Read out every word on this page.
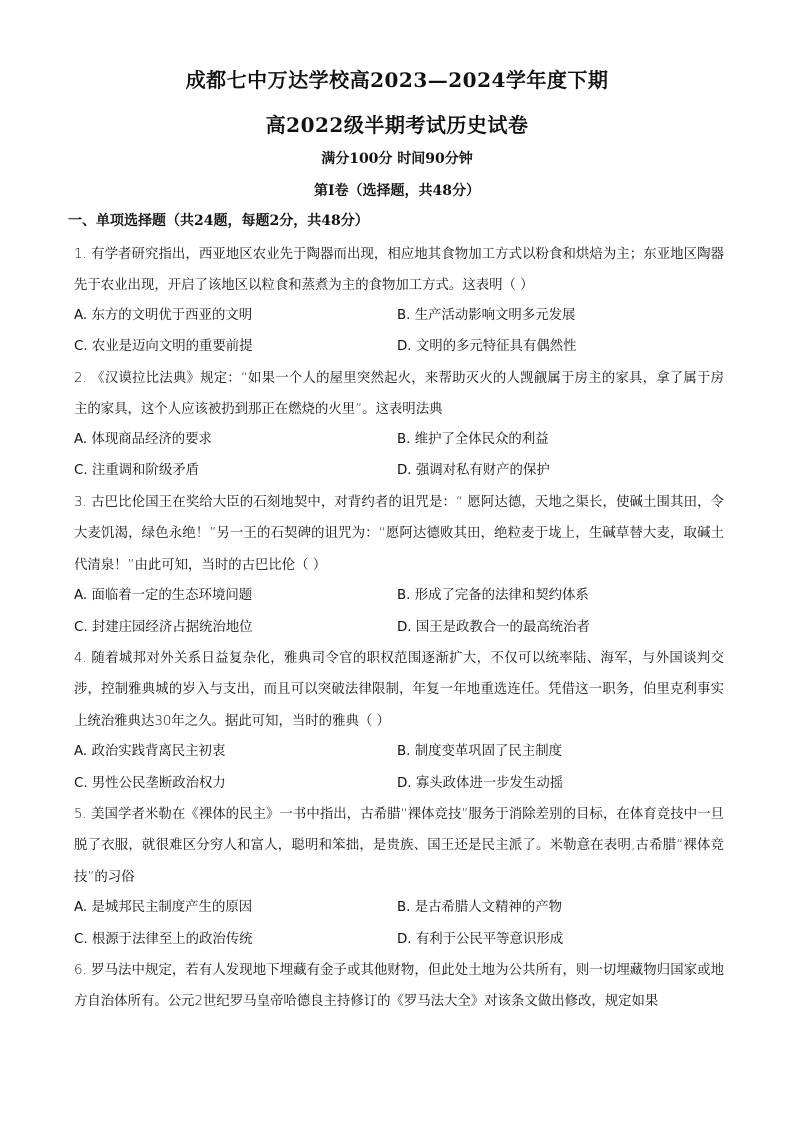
成都七中万达学校高2023—2024学年度下期
高2022级半期考试历史试卷
满分100分 时间90分钟
第Ⅰ卷（选择题，共48分）
一、单项选择题（共24题，每题2分，共48分）
1. 有学者研究指出，西亚地区农业先于陶器而出现，相应地其食物加工方式以粉食和烘焙为主；东亚地区陶器先于农业出现，开启了该地区以粒食和蒸煮为主的食物加工方式。这表明（ ）
A. 东方的文明优于西亚的文明	B. 生产活动影响文明多元发展
C. 农业是迈向文明的重要前提	D. 文明的多元特征具有偶然性
2. 《汉谟拉比法典》规定：“如果一个人的屋里突然起火，来帮助灭火的人觊觎属于房主的家具，拿了属于房主的家具，这个人应该被扔到那正在燃烧的火里”。这表明法典
A. 体现商品经济的要求	B. 维护了全体民众的利益
C. 注重调和阶级矛盾	D. 强调对私有财产的保护
3. 古巴比伦国王在奖给大臣的石刻地契中，对背约者的诅咒是：“ 愿阿达德，天地之渠长，使碱土围其田，令大麦饥渴，绿色永绝！”另一王的石契碑的诅咒为：“愿阿达德败其田，绝粒麦于垅上，生碱草替大麦，取碱土代清泉！”由此可知，当时的古巴比伦（ ）
A. 面临着一定的生态环境问题	B. 形成了完备的法律和契约体系
C. 封建庄园经济占据统治地位	D. 国王是政教合一的最高统治者
4. 随着城邦对外关系日益复杂化，雅典司令官的职权范围逐渐扩大，不仅可以统率陆、海军，与外国谈判交涉，控制雅典城的岁入与支出，而且可以突破法律限制，年复一年地重选连任。凭借这一职务，伯里克利事实上统治雅典达30年之久。据此可知，当时的雅典（ ）
A. 政治实践背离民主初衷	B. 制度变革巩固了民主制度
C. 男性公民垄断政治权力	D. 寡头政体进一步发生动摇
5. 美国学者米勒在《裸体的民主》一书中指出，古希腊“裸体竞技”服务于消除差别的目标，在体育竞技中一旦脱了衣服，就很难区分穷人和富人，聪明和笨拙，是贵族、国王还是民主派了。米勒意在表明,古希腊“裸体竞技”的习俗
A. 是城邦民主制度产生的原因	B. 是古希腊人文精神的产物
C. 根源于法律至上的政治传统	D. 有利于公民平等意识形成
6. 罗马法中规定，若有人发现地下埋藏有金子或其他财物，但此处土地为公共所有，则一切埋藏物归国家或地方自治体所有。公元2世纪罗马皇帝哈德良主持修订的《罗马法大全》对该条文做出修改，规定如果
